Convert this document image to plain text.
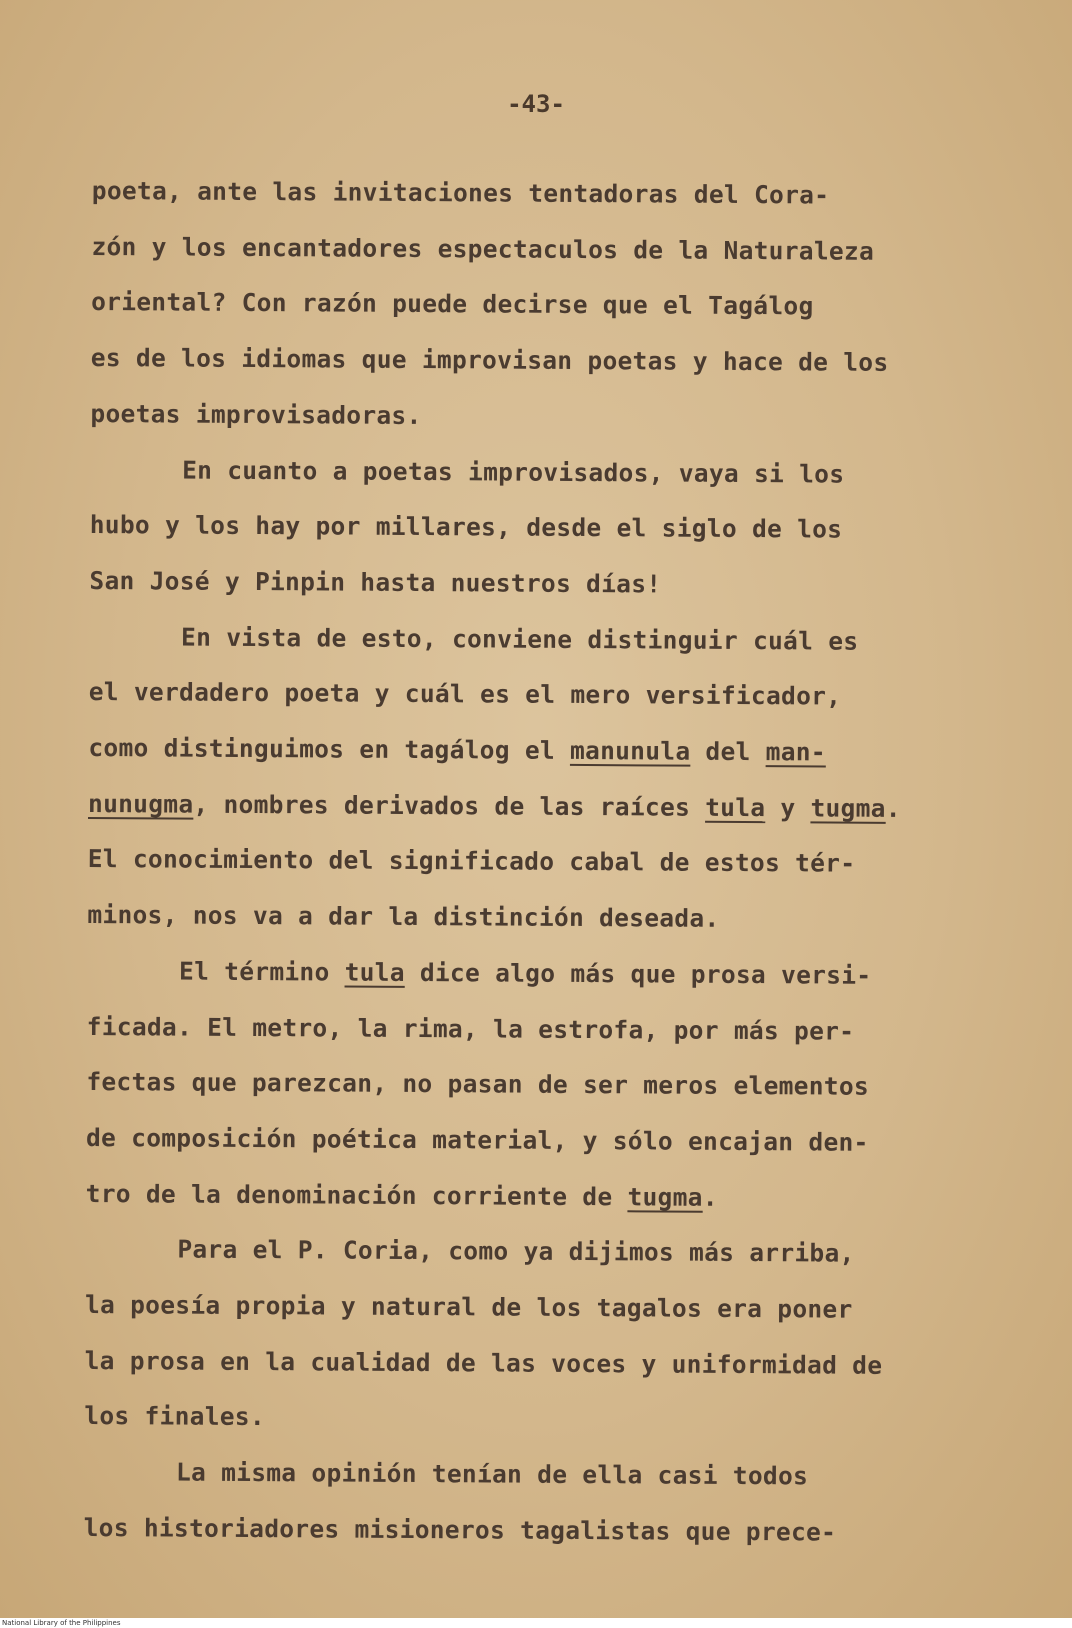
-43-
poeta, ante las invitaciones tentadoras del Cora-
zón y los encantadores espectaculos de la Naturaleza
oriental? Con razón puede decirse que el Tagálog
es de los idiomas que improvisan poetas y hace de los
poetas improvisadoras.
En cuanto a poetas improvisados, vaya si los
hubo y los hay por millares, desde el siglo de los
San José y Pinpin hasta nuestros días!
En vista de esto, conviene distinguir cuál es
el verdadero poeta y cuál es el mero versificador,
como distinguimos en tagálog el manunula del man-
nunugma, nombres derivados de las raíces tula y tugma.
El conocimiento del significado cabal de estos tér-
minos, nos va a dar la distinción deseada.
El término tula dice algo más que prosa versi-
ficada. El metro, la rima, la estrofa, por más per-
fectas que parezcan, no pasan de ser meros elementos
de composición poética material, y sólo encajan den-
tro de la denominación corriente de tugma.
Para el P. Coria, como ya dijimos más arriba,
la poesía propia y natural de los tagalos era poner
la prosa en la cualidad de las voces y uniformidad de
los finales.
La misma opinión tenían de ella casi todos
los historiadores misioneros tagalistas que prece-
National Library of the Philippines
